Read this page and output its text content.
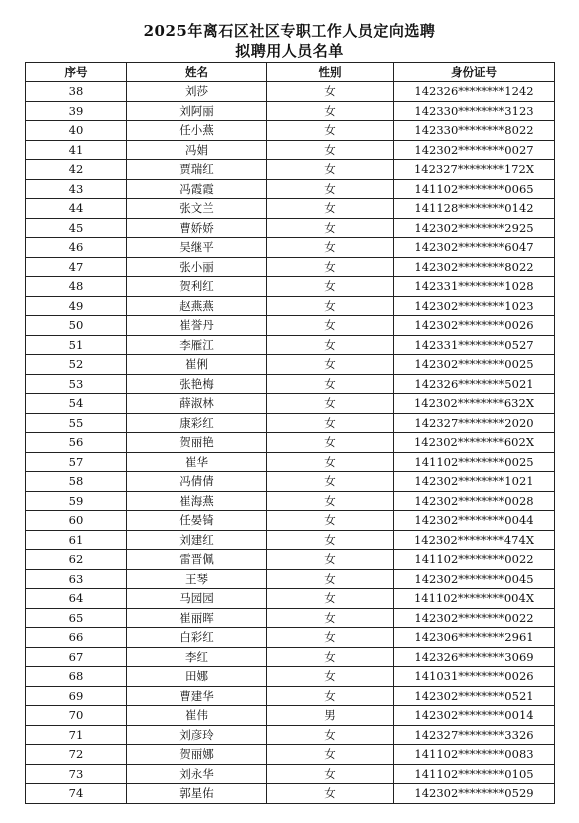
2025年离石区社区专职工作人员定向选聘
拟聘用人员名单
序号	姓名	性别	身份证号
38	刘莎	女	142326********1242
39	刘阿丽	女	142330********3123
40	任小燕	女	142330********8022
41	冯娟	女	142302********0027
42	贾瑞红	女	142327********172X
43	冯霞霞	女	141102********0065
44	张文兰	女	141128********0142
45	曹娇娇	女	142302********2925
46	吴继平	女	142302********6047
47	张小丽	女	142302********8022
48	贺利红	女	142331********1028
49	赵燕燕	女	142302********1023
50	崔誉丹	女	142302********0026
51	李雁江	女	142331********0527
52	崔俐	女	142302********0025
53	张艳梅	女	142326********5021
54	薛淑林	女	142302********632X
55	康彩红	女	142327********2020
56	贺丽艳	女	142302********602X
57	崔华	女	141102********0025
58	冯倩倩	女	142302********1021
59	崔海燕	女	142302********0028
60	任晏锜	女	142302********0044
61	刘建红	女	142302********474X
62	雷晋佩	女	141102********0022
63	王琴	女	142302********0045
64	马园园	女	141102********004X
65	崔丽晖	女	142302********0022
66	白彩红	女	142306********2961
67	李红	女	142326********3069
68	田娜	女	141031********0026
69	曹建华	女	142302********0521
70	崔伟	男	142302********0014
71	刘彦玲	女	142327********3326
72	贺丽娜	女	141102********0083
73	刘永华	女	141102********0105
74	郭星佑	女	142302********0529
